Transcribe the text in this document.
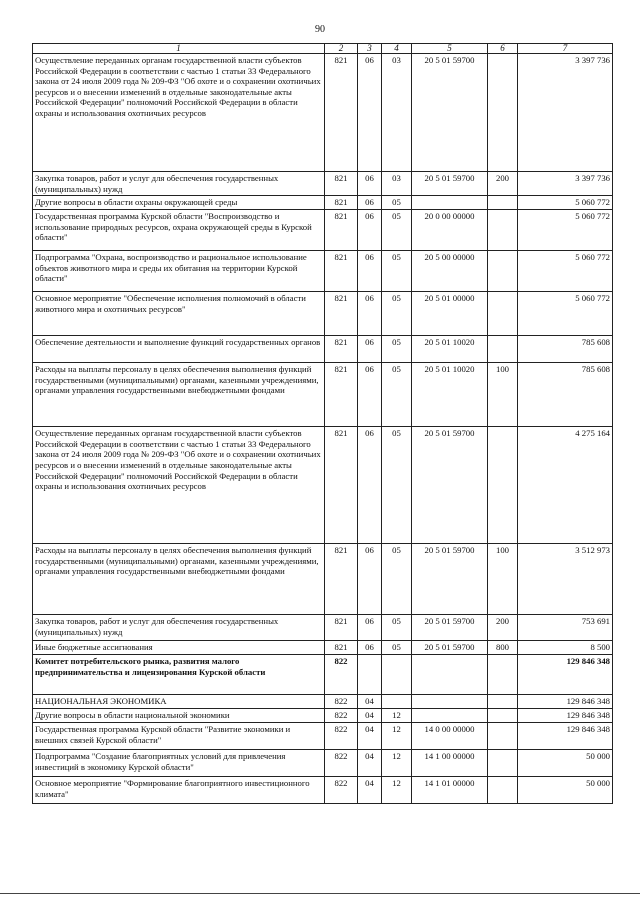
90
1	2	3	4	5	6	7
Осуществление переданных органам государственной власти субъектов Российской Федерации в соответствии с частью 1 статьи 33 Федерального закона от 24 июля 2009 года № 209-ФЗ "Об охоте и о сохранении охотничьих ресурсов и о внесении изменений в отдельные законодательные акты Российской Федерации" полномочий Российской Федерации в области охраны и использования охотничьих ресурсов	821	06	03	20 5 01 59700		3 397 736
Закупка товаров, работ и услуг для обеспечения государственных (муниципальных) нужд	821	06	03	20 5 01 59700	200	3 397 736
Другие вопросы в области охраны окружающей среды	821	06	05			5 060 772
Государственная программа Курской области "Воспроизводство и использование природных ресурсов, охрана окружающей среды в Курской области"	821	06	05	20 0 00 00000		5 060 772
Подпрограмма "Охрана, воспроизводство и рациональное использование объектов животного мира и среды их обитания на территории Курской области"	821	06	05	20 5 00 00000		5 060 772
Основное мероприятие "Обеспечение исполнения полномочий в области животного мира и охотничьих ресурсов"	821	06	05	20 5 01 00000		5 060 772
Обеспечение деятельности и выполнение функций государственных органов	821	06	05	20 5 01 10020		785 608
Расходы на выплаты персоналу в целях обеспечения выполнения функций государственными (муниципальными) органами, казенными учреждениями, органами управления государственными внебюджетными фондами	821	06	05	20 5 01 10020	100	785 608
Осуществление переданных органам государственной власти субъектов Российской Федерации в соответствии с частью 1 статьи 33 Федерального закона от 24 июля 2009 года № 209-ФЗ "Об охоте и о сохранении охотничьих ресурсов и о внесении изменений в отдельные законодательные акты Российской Федерации" полномочий Российской Федерации в области охраны и использования охотничьих ресурсов	821	06	05	20 5 01 59700		4 275 164
Расходы на выплаты персоналу в целях обеспечения выполнения функций государственными (муниципальными) органами, казенными учреждениями, органами управления государственными внебюджетными фондами	821	06	05	20 5 01 59700	100	3 512 973
Закупка товаров, работ и услуг для обеспечения государственных (муниципальных) нужд	821	06	05	20 5 01 59700	200	753 691
Иные бюджетные ассигнования	821	06	05	20 5 01 59700	800	8 500
Комитет потребительского рынка, развития малого предпринимательства и лицензирования Курской области	822					129 846 348
НАЦИОНАЛЬНАЯ ЭКОНОМИКА	822	04				129 846 348
Другие вопросы в области национальной экономики	822	04	12			129 846 348
Государственная программа Курской области "Развитие экономики и внешних связей Курской области"	822	04	12	14 0 00 00000		129 846 348
Подпрограмма "Создание благоприятных условий для привлечения инвестиций в экономику Курской области"	822	04	12	14 1 00 00000		50 000
Основное мероприятие "Формирование благоприятного инвестиционного климата"	822	04	12	14 1 01 00000		50 000
